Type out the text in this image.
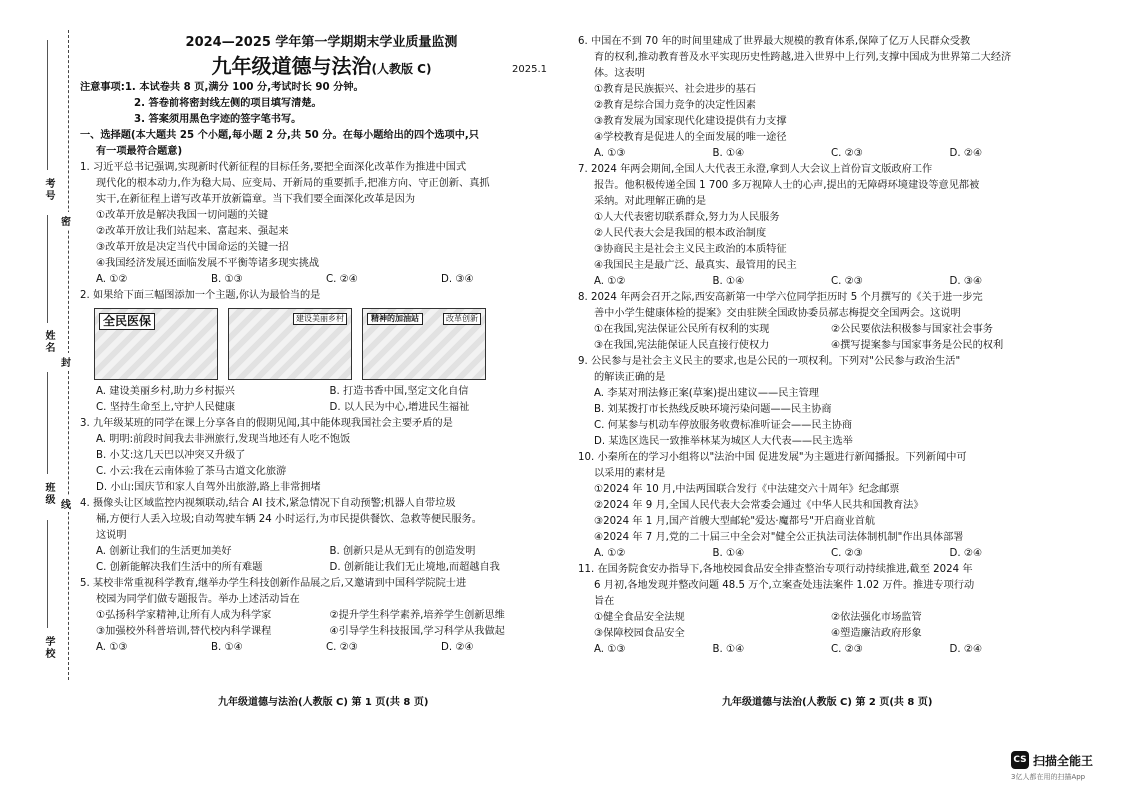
考号
姓名
班级
学校
密
封
线
2024—2025 学年第一学期期末学业质量监测
九年级道德与法治(人教版 C)	2025.1
注意事项:1. 本试卷共 8 页,满分 100 分,考试时长 90 分钟。
2. 答卷前将密封线左侧的项目填写清楚。
3. 答案须用黑色字迹的签字笔书写。
一、选择题(本大题共 25 个小题,每小题 2 分,共 50 分。在每小题给出的四个选项中,只
有一项最符合题意)
1. 习近平总书记强调,实现新时代新征程的目标任务,要把全面深化改革作为推进中国式
现代化的根本动力,作为稳大局、应变局、开新局的重要抓手,把准方向、守正创新、真抓
实干,在新征程上谱写改革开放新篇章。当下我们要全面深化改革是因为
①改革开放是解决我国一切问题的关键
②改革开放让我们站起来、富起来、强起来
③改革开放是决定当代中国命运的关键一招
④我国经济发展还面临发展不平衡等诸多现实挑战
A. ①②	B. ①③	C. ②④	D. ③④
2. 如果给下面三幅图添加一个主题,你认为最恰当的是
全民医保	建设美丽乡村	精神的加油站	改革创新
A. 建设美丽乡村,助力乡村振兴	B. 打造书香中国,坚定文化自信
C. 坚持生命至上,守护人民健康	D. 以人民为中心,增进民生福祉
3. 九年级某班的同学在课上分享各自的假期见闻,其中能体现我国社会主要矛盾的是
A. 明明:前段时间我去非洲旅行,发现当地还有人吃不饱饭
B. 小艾:这几天巴以冲突又升级了
C. 小云:我在云南体验了茶马古道文化旅游
D. 小山:国庆节和家人自驾外出旅游,路上非常拥堵
4. 摄像头让区域监控内视频联动,结合 AI 技术,紧急情况下自动预警;机器人自带垃圾
桶,方便行人丢入垃圾;自动驾驶车辆 24 小时运行,为市民提供餐饮、急救等便民服务。
这说明
A. 创新让我们的生活更加美好	B. 创新只是从无到有的创造发明
C. 创新能解决我们生活中的所有难题	D. 创新能让我们无止境地,而超越自我
5. 某校非常重视科学教育,继举办学生科技创新作品展之后,又邀请到中国科学院院士进
校园为同学们做专题报告。举办上述活动旨在
①弘扬科学家精神,让所有人成为科学家	②提升学生科学素养,培养学生创新思维
③加强校外科普培训,替代校内科学课程	④引导学生科技报国,学习科学从我做起
A. ①③	B. ①④	C. ②③	D. ②④
6. 中国在不到 70 年的时间里建成了世界最大规模的教育体系,保障了亿万人民群众受教
育的权利,推动教育普及水平实现历史性跨越,进入世界中上行列,支撑中国成为世界第二大经济
体。这表明
①教育是民族振兴、社会进步的基石
②教育是综合国力竞争的决定性因素
③教育发展为国家现代化建设提供有力支撑
④学校教育是促进人的全面发展的唯一途径
A. ①③	B. ①④	C. ②③	D. ②④
7. 2024 年两会期间,全国人大代表王永澄,拿到人大会议上首份盲文版政府工作
报告。他积极传递全国 1 700 多万视障人士的心声,提出的无障碍环境建设等意见都被
采纳。对此理解正确的是
①人大代表密切联系群众,努力为人民服务
②人民代表大会是我国的根本政治制度
③协商民主是社会主义民主政治的本质特征
④我国民主是最广泛、最真实、最管用的民主
A. ①②	B. ①④	C. ②③	D. ③④
8. 2024 年两会召开之际,西安高新第一中学六位同学拒历时 5 个月撰写的《关于进一步完
善中小学生健康体检的提案》交由驻陕全国政协委员郝志梅提交全国两会。这说明
①在我国,宪法保证公民所有权利的实现	②公民要依法积极参与国家社会事务
③在我国,宪法能保证人民直接行使权力	④撰写提案参与国家事务是公民的权利
9. 公民参与是社会主义民主的要求,也是公民的一项权利。下列对"公民参与政治生活"
的解读正确的是
A. 李某对刑法修正案(草案)提出建议——民主管理
B. 刘某拨打市长热线反映环境污染问题——民主协商
C. 何某参与机动车停放服务收费标准听证会——民主协商
D. 某选区选民一致推举林某为城区人大代表——民主选举
10. 小秦所在的学习小组将以"法治中国 促进发展"为主题进行新闻播报。下列新闻中可
以采用的素材是
①2024 年 10 月,中法两国联合发行《中法建交六十周年》纪念邮票
②2024 年 9 月,全国人民代表大会常委会通过《中华人民共和国教育法》
③2024 年 1 月,国产首艘大型邮轮"爱达·魔都号"开启商业首航
④2024 年 7 月,党的二十届三中全会对"健全公正执法司法体制机制"作出具体部署
A. ①②	B. ①④	C. ②③	D. ②④
11. 在国务院食安办指导下,各地校园食品安全排查整治专项行动持续推进,截至 2024 年
6 月初,各地发现并整改问题 48.5 万个,立案查处违法案件 1.02 万件。推进专项行动
旨在
①健全食品安全法规	②依法强化市场监管
③保障校园食品安全	④塑造廉洁政府形象
A. ①③	B. ①④	C. ②③	D. ②④
九年级道德与法治(人教版 C) 第 1 页(共 8 页)	九年级道德与法治(人教版 C) 第 2 页(共 8 页)
CS 扫描全能王
3亿人都在用的扫描App
